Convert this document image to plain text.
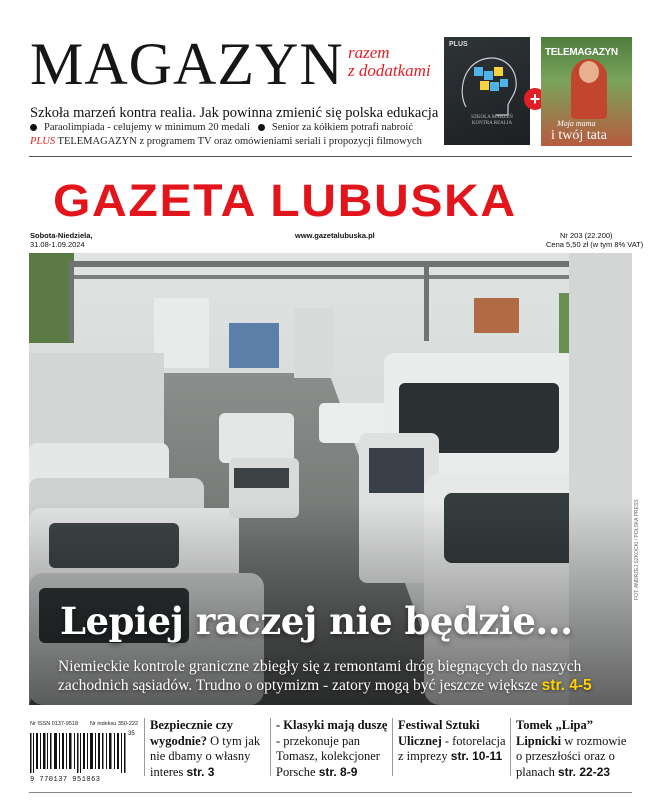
MAGAZYN razem
z dodatkami
Szkoła marzeń kontra realia. Jak powinna zmienić się polska edukacja
Paraolimpiada - celujemy w minimum 20 medali Senior za kółkiem potrafi nabroić
PLUS TELEMAGAZYN z programem TV oraz omówieniami seriali i propozycji filmowych
PLUS
SZKOŁA MARZEŃ KONTRA REALIA
+
TELEMAGAZYN
Moja mama
i twój tata
GAZETA LUBUSKA
Sobota-Niedziela,
31.08-1.09.2024
www.gazetalubuska.pl	Nr 203 (22.200)
Cena 5,50 zł (w tym 8% VAT)
Lepiej raczej nie będzie...
Niemieckie kontrole graniczne zbiegły się z remontami dróg biegnących do naszych zachodnich sąsiadów. Trudno o optymizm - zatory mogą być jeszcze większe str. 4-5
FOT. ANDRZEJ SZKOCKI / POLSKA PRESS
Nr ISSN 0137-9518 Nr indeksu 350-222
35
9 770137 951063
Bezpiecznie czy wygodnie? O tym jak nie dbamy o własny interes str. 3
- Klasyki mają duszę - przekonuje pan Tomasz, kolekcjoner Porsche str. 8-9
Festiwal Sztuki Ulicznej - fotorelacja z imprezy str. 10-11
Tomek „Lipa” Lipnicki w rozmowie o przeszłości oraz o planach str. 22-23
